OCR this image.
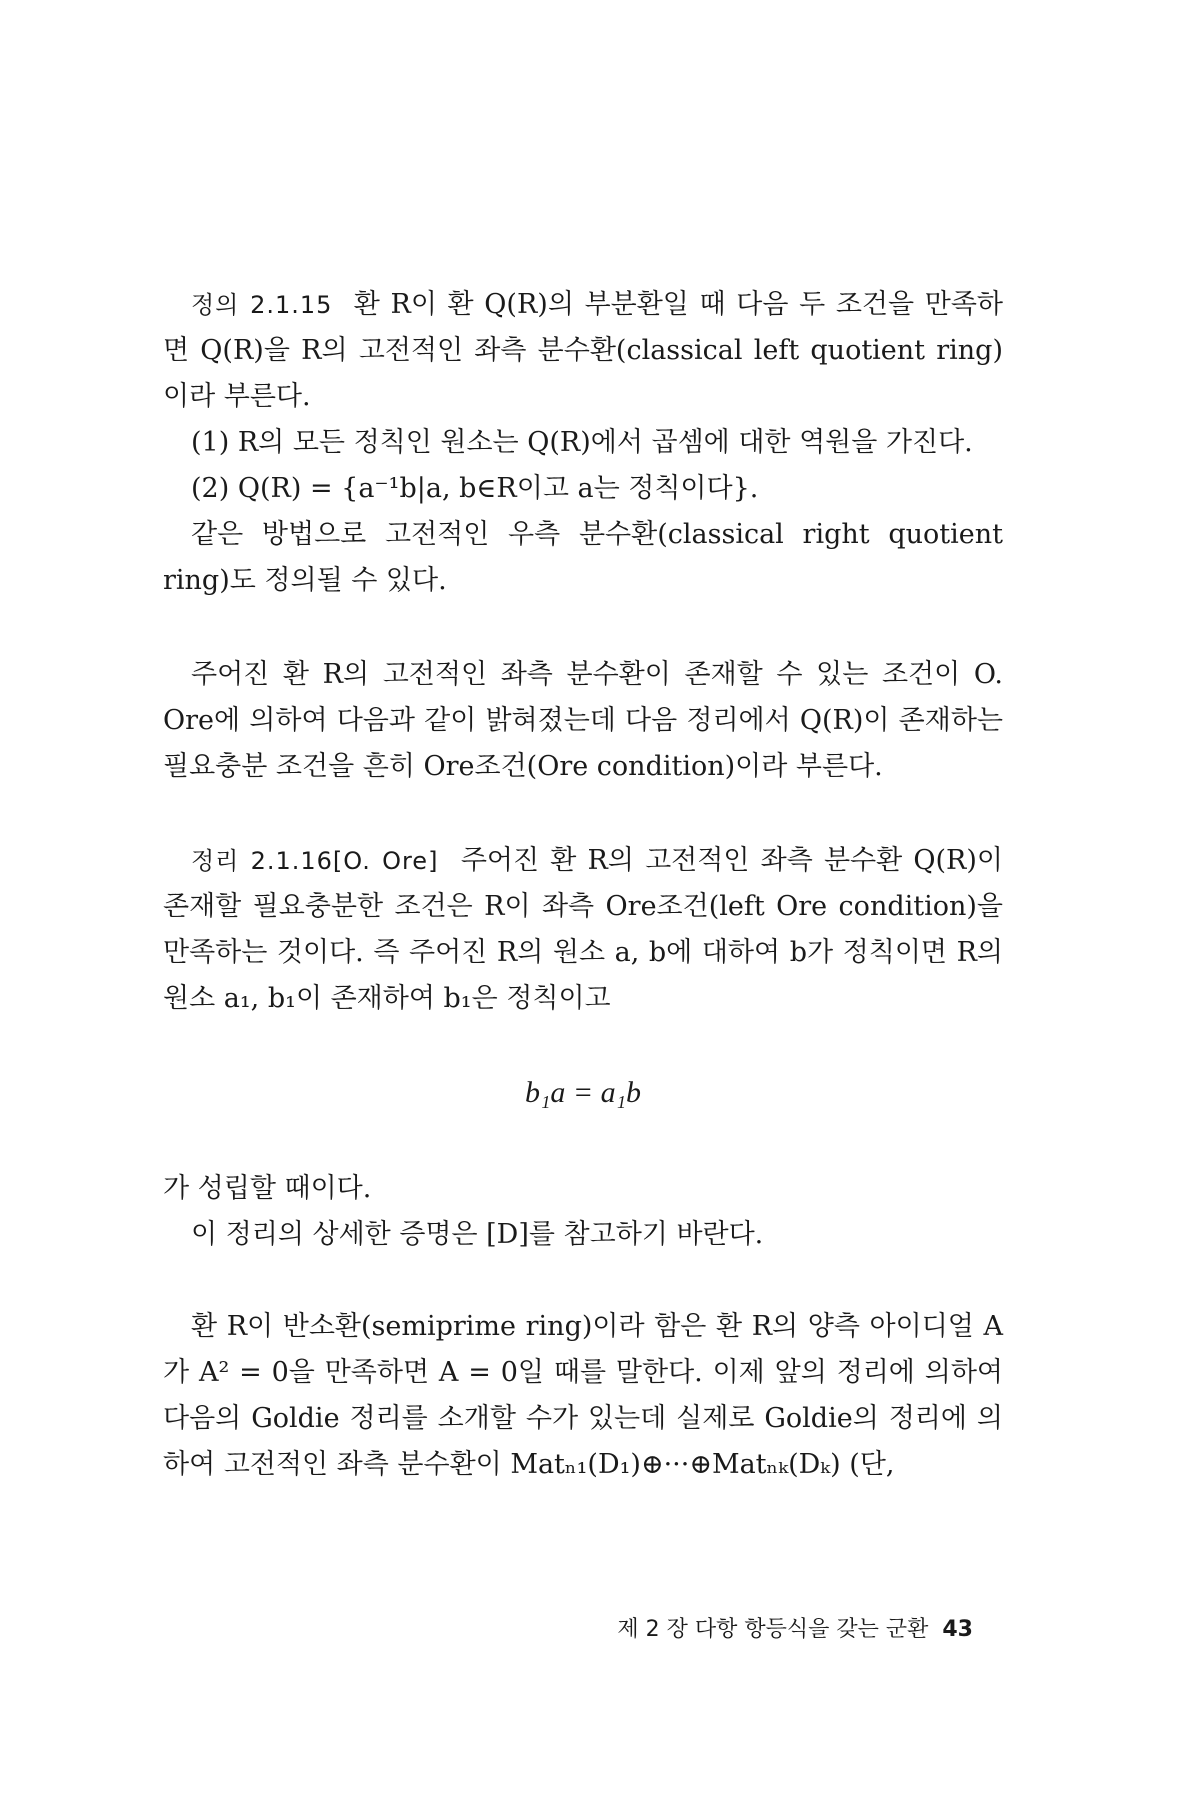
정의 2.1.15 환 R이 환 Q(R)의 부분환일 때 다음 두 조건을 만족하면 Q(R)을 R의 고전적인 좌측 분수환(classical left quotient ring)이라 부른다.

(1) R의 모든 정칙인 원소는 Q(R)에서 곱셈에 대한 역원을 가진다.

(2) Q(R) = {a⁻¹b|a, b∈R이고 a는 정칙이다}.

같은 방법으로 고전적인 우측 분수환(classical right quotient ring)도 정의될 수 있다.

주어진 환 R의 고전적인 좌측 분수환이 존재할 수 있는 조건이 O. Ore에 의하여 다음과 같이 밝혀졌는데 다음 정리에서 Q(R)이 존재하는 필요충분 조건을 흔히 Ore조건(Ore condition)이라 부른다.

정리 2.1.16[O. Ore] 주어진 환 R의 고전적인 좌측 분수환 Q(R)이 존재할 필요충분한 조건은 R이 좌측 Ore조건(left Ore condition)을 만족하는 것이다. 즉 주어진 R의 원소 a, b에 대하여 b가 정칙이면 R의 원소 a₁, b₁이 존재하여 b₁은 정칙이고

b₁a = a₁b

가 성립할 때이다.

이 정리의 상세한 증명은 [D]를 참고하기 바란다.

환 R이 반소환(semiprime ring)이라 함은 환 R의 양측 아이디얼 A가 A² = 0을 만족하면 A = 0일 때를 말한다. 이제 앞의 정리에 의하여 다음의 Goldie 정리를 소개할 수가 있는데 실제로 Goldie의 정리에 의하여 고전적인 좌측 분수환이 Matₙ₁(D₁)⊕···⊕Matₙₖ(Dₖ) (단,

제 2 장 다항 항등식을 갖는 군환 43
